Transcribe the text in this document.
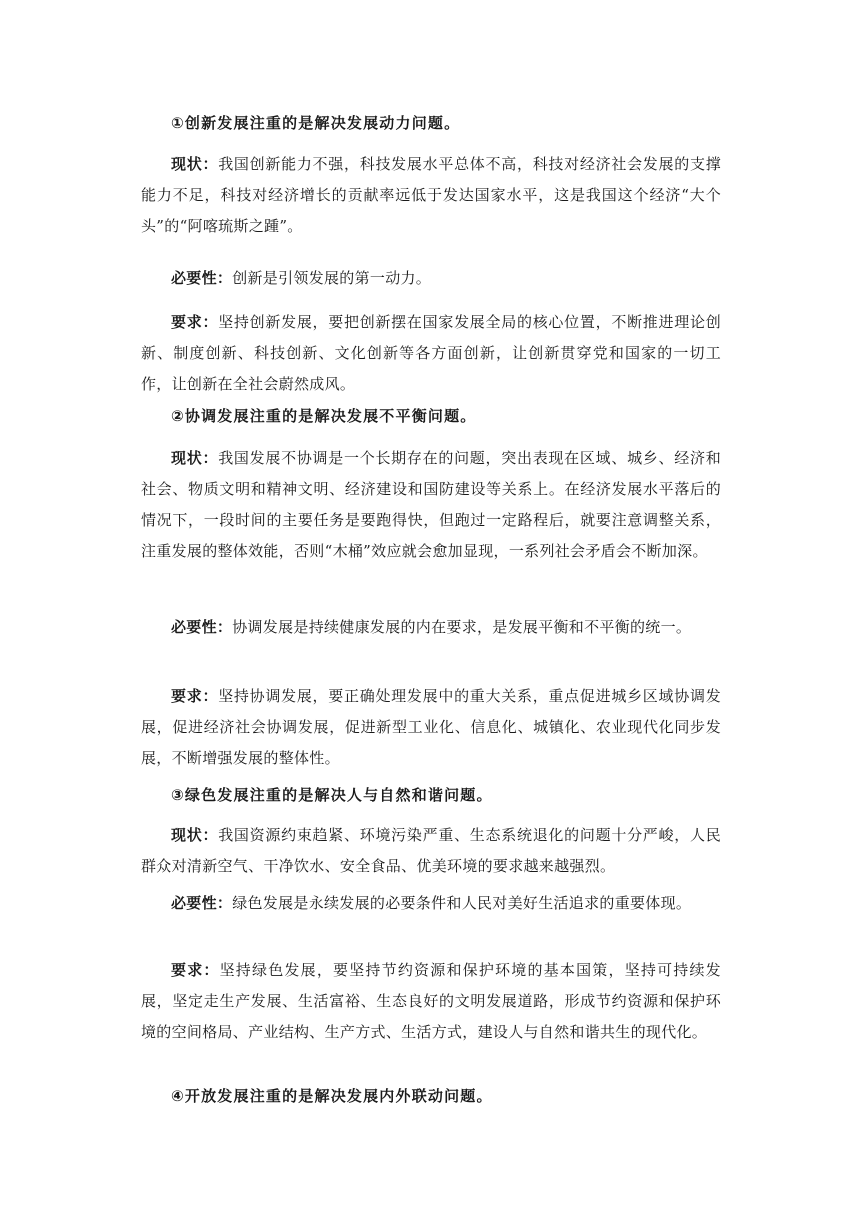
①创新发展注重的是解决发展动力问题。

现状：我国创新能力不强，科技发展水平总体不高，科技对经济社会发展的支撑能力不足，科技对经济增长的贡献率远低于发达国家水平，这是我国这个经济“大个头”的“阿喀琉斯之踵”。

必要性：创新是引领发展的第一动力。

要求：坚持创新发展，要把创新摆在国家发展全局的核心位置，不断推进理论创新、制度创新、科技创新、文化创新等各方面创新，让创新贯穿党和国家的一切工作，让创新在全社会蔚然成风。

②协调发展注重的是解决发展不平衡问题。

现状：我国发展不协调是一个长期存在的问题，突出表现在区域、城乡、经济和社会、物质文明和精神文明、经济建设和国防建设等关系上。在经济发展水平落后的情况下，一段时间的主要任务是要跑得快，但跑过一定路程后，就要注意调整关系，注重发展的整体效能，否则“木桶”效应就会愈加显现，一系列社会矛盾会不断加深。

必要性：协调发展是持续健康发展的内在要求，是发展平衡和不平衡的统一。

要求：坚持协调发展，要正确处理发展中的重大关系，重点促进城乡区域协调发展，促进经济社会协调发展，促进新型工业化、信息化、城镇化、农业现代化同步发展，不断增强发展的整体性。

③绿色发展注重的是解决人与自然和谐问题。

现状：我国资源约束趋紧、环境污染严重、生态系统退化的问题十分严峻，人民群众对清新空气、干净饮水、安全食品、优美环境的要求越来越强烈。

必要性：绿色发展是永续发展的必要条件和人民对美好生活追求的重要体现。

要求：坚持绿色发展，要坚持节约资源和保护环境的基本国策，坚持可持续发展，坚定走生产发展、生活富裕、生态良好的文明发展道路，形成节约资源和保护环境的空间格局、产业结构、生产方式、生活方式，建设人与自然和谐共生的现代化。

④开放发展注重的是解决发展内外联动问题。
